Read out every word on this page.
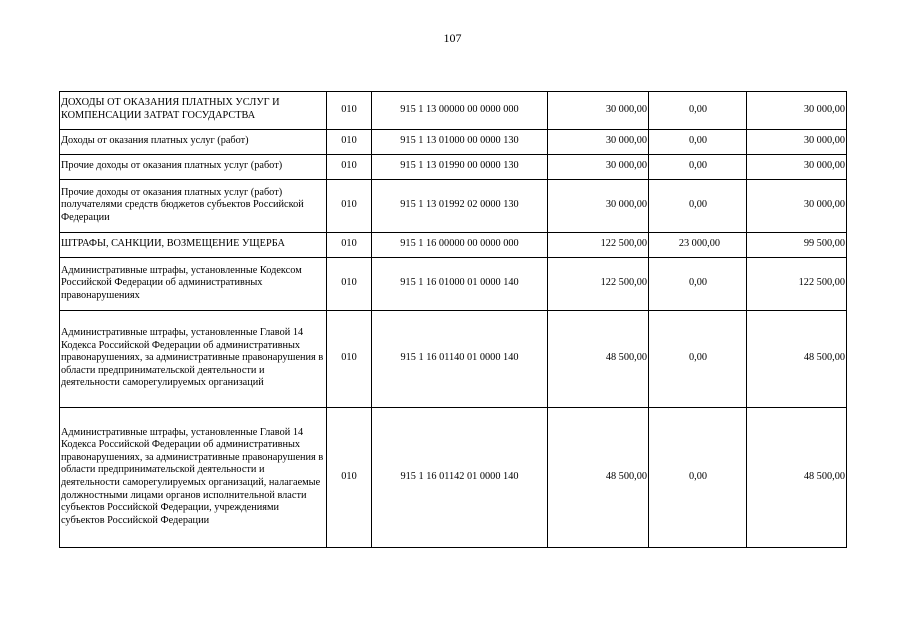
107
ДОХОДЫ ОТ ОКАЗАНИЯ ПЛАТНЫХ УСЛУГ И КОМПЕНСАЦИИ ЗАТРАТ ГОСУДАРСТВА	010	915 1 13 00000 00 0000 000	30 000,00	0,00	30 000,00
Доходы от оказания платных услуг (работ)	010	915 1 13 01000 00 0000 130	30 000,00	0,00	30 000,00
Прочие доходы от оказания платных услуг (работ)	010	915 1 13 01990 00 0000 130	30 000,00	0,00	30 000,00
Прочие доходы от оказания платных услуг (работ) получателями средств бюджетов субъектов Российской Федерации	010	915 1 13 01992 02 0000 130	30 000,00	0,00	30 000,00
ШТРАФЫ, САНКЦИИ, ВОЗМЕЩЕНИЕ УЩЕРБА	010	915 1 16 00000 00 0000 000	122 500,00	23 000,00	99 500,00
Административные штрафы, установленные Кодексом Российской Федерации об административных правонарушениях	010	915 1 16 01000 01 0000 140	122 500,00	0,00	122 500,00
Административные штрафы, установленные Главой 14 Кодекса Российской Федерации об административных правонарушениях, за административные правонарушения в области предпринимательской деятельности и деятельности саморегулируемых организаций	010	915 1 16 01140 01 0000 140	48 500,00	0,00	48 500,00
Административные штрафы, установленные Главой 14 Кодекса Российской Федерации об административных правонарушениях, за административные правонарушения в области предпринимательской деятельности и деятельности саморегулируемых организаций, налагаемые должностными лицами органов исполнительной власти субъектов Российской Федерации, учреждениями субъектов Российской Федерации	010	915 1 16 01142 01 0000 140	48 500,00	0,00	48 500,00
